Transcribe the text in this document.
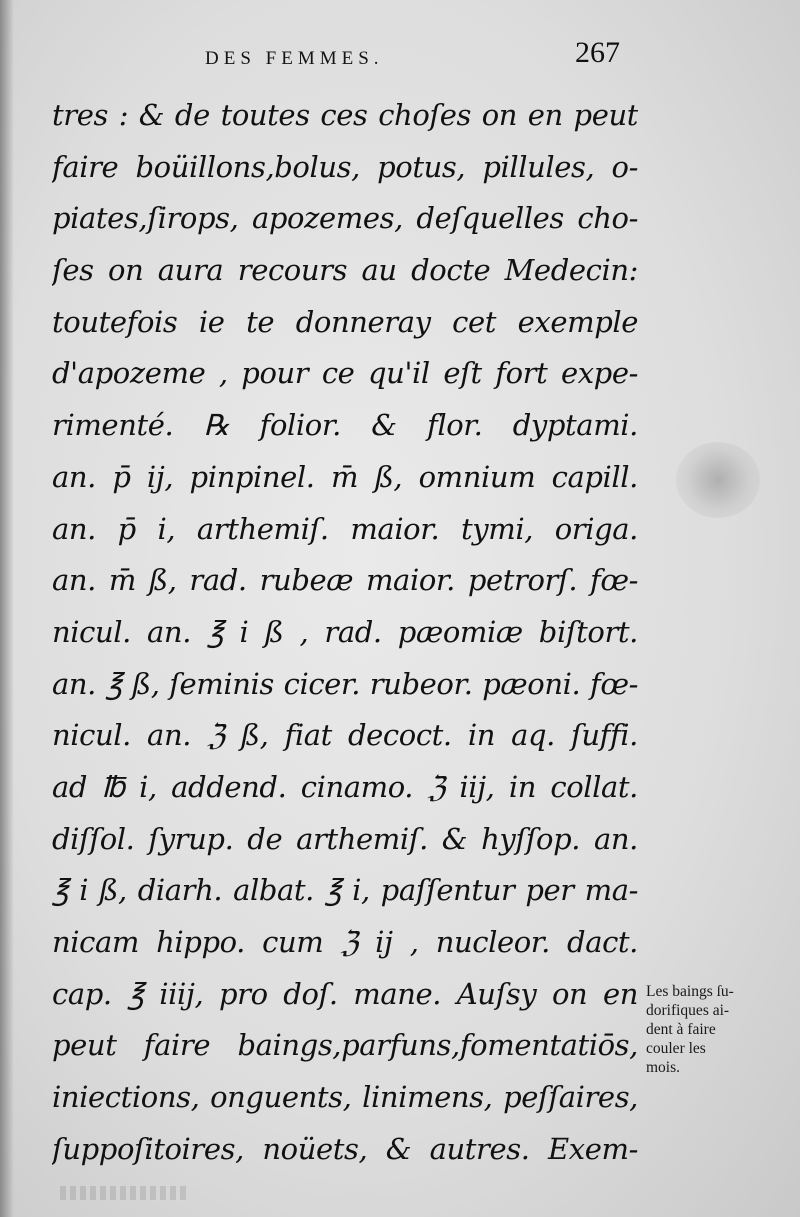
DES FEMMES.	267
tres : & de toutes ces choſes on en peut
faire boüillons,bolus, potus, pillules, o-
piates,ſirops, apozemes, deſquelles cho-
ſes on aura recours au docte Medecin:
toutefois ie te donneray cet exemple
d'apozeme , pour ce qu'il eſt fort expe-
rimenté. ℞ folior. & flor. dyptami.
an. p̄ ij, pinpinel. m̄ ß, omnium capill.
an. p̄ i, arthemiſ. maior. tymi, origa.
an. m̄ ß, rad. rubeæ maior. petrorſ. fœ-
nicul. an. ℥ i ß , rad. pæomiæ biſtort.
an. ℥ ß, ſeminis cicer. rubeor. pæoni. fœ-
nicul. an. ℨ ß, fiat decoct. in aq. ſuffi.
ad ℔ i, addend. cinamo. ℨ iij, in collat.
diſſol. ſyrup. de arthemiſ. & hyſſop. an.
℥ i ß, diarh. albat. ℥ i, paſſentur per ma-
nicam hippo. cum ℨ ij , nucleor. dact.
cap. ℥ iiij, pro doſ. mane. Auſsy on en
peut faire baings,parfuns,fomentatiōs,
iniections, onguents, linimens, peſſaires,
ſuppoſitoires, noüets, & autres. Exem-
Les baings ſu-
dorifiques ai-
dent à faire
couler les
mois.
